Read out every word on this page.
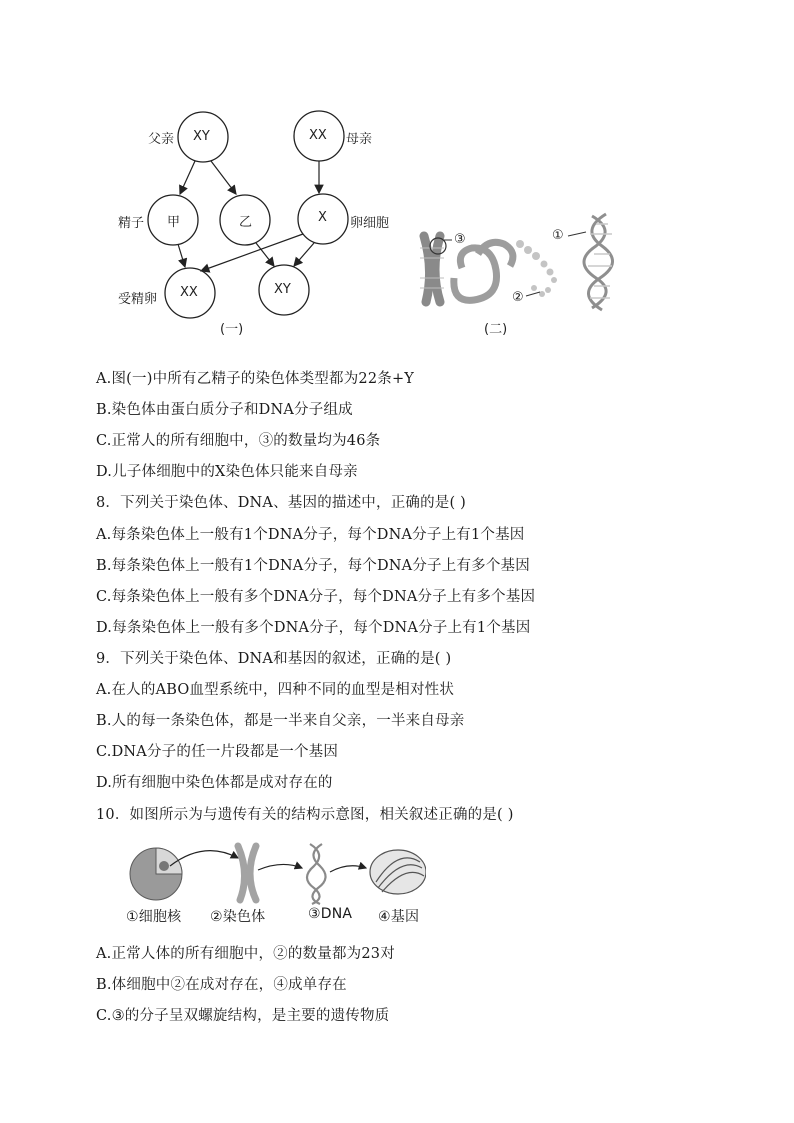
父亲	母亲
XY	XX
精子 甲	乙	X 卵细胞
受精卵 XX	XY
(一)
③	①
②
(二)
A.图(一)中所有乙精子的染色体类型都为22条+Y
B.染色体由蛋白质分子和DNA分子组成
C.正常人的所有细胞中，③的数量均为46条
D.儿子体细胞中的X染色体只能来自母亲
8．下列关于染色体、DNA、基因的描述中，正确的是( )
A.每条染色体上一般有1个DNA分子，每个DNA分子上有1个基因
B.每条染色体上一般有1个DNA分子，每个DNA分子上有多个基因
C.每条染色体上一般有多个DNA分子，每个DNA分子上有多个基因
D.每条染色体上一般有多个DNA分子，每个DNA分子上有1个基因
9．下列关于染色体、DNA和基因的叙述，正确的是( )
A.在人的ABO血型系统中，四种不同的血型是相对性状
B.人的每一条染色体，都是一半来自父亲，一半来自母亲
C.DNA分子的任一片段都是一个基因
D.所有细胞中染色体都是成对存在的
10．如图所示为与遗传有关的结构示意图，相关叙述正确的是( )
①细胞核 ②染色体	③DNA ④基因
A.正常人体的所有细胞中，②的数量都为23对
B.体细胞中②在成对存在，④成单存在
C.③的分子呈双螺旋结构，是主要的遗传物质
